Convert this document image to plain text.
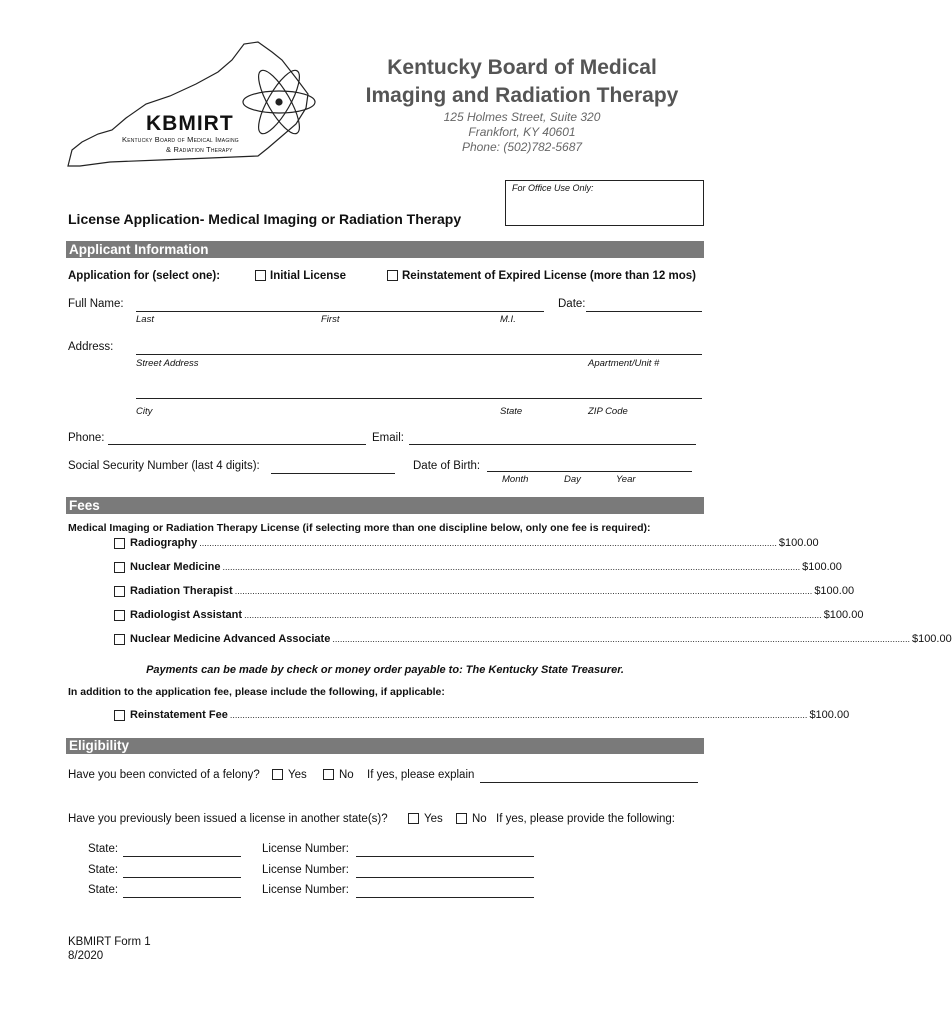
KBMIRT
Kentucky Board of Medical Imaging
& Radiation Therapy
Kentucky Board of Medical
Imaging and Radiation Therapy
125 Holmes Street, Suite 320
Frankfort, KY 40601
Phone: (502)782-5687
For Office Use Only:
License Application- Medical Imaging or Radiation Therapy
Applicant Information
Application for (select one):	Initial License	Reinstatement of Expired License (more than 12 mos)
Full Name:	Date:
Last	First	M.I.
Address:
Street Address	Apartment/Unit #
City	State	ZIP Code
Phone:	Email:
Social Security Number (last 4 digits):	Date of Birth:
Month	Day	Year
Fees
Medical Imaging or Radiation Therapy License (if selecting more than one discipline below, only one fee is required):
Radiography ....................................................................................................................................................................................................................................... $100.00
Nuclear Medicine ....................................................................................................................................................................................................................................... $100.00
Radiation Therapist ....................................................................................................................................................................................................................................... $100.00
Radiologist Assistant ....................................................................................................................................................................................................................................... $100.00
Nuclear Medicine Advanced Associate ....................................................................................................................................................................................................................................... $100.00
Payments can be made by check or money order payable to: The Kentucky State Treasurer.
In addition to the application fee, please include the following, if applicable:
Reinstatement Fee ....................................................................................................................................................................................................................................... $100.00
Eligibility
Have you been convicted of a felony? Yes	No If yes, please explain
Have you previously been issued a license in another state(s)?	Yes	No If yes, please provide the following:
State:	License Number:
State:	License Number:
State:	License Number:
KBMIRT Form 1
8/2020
